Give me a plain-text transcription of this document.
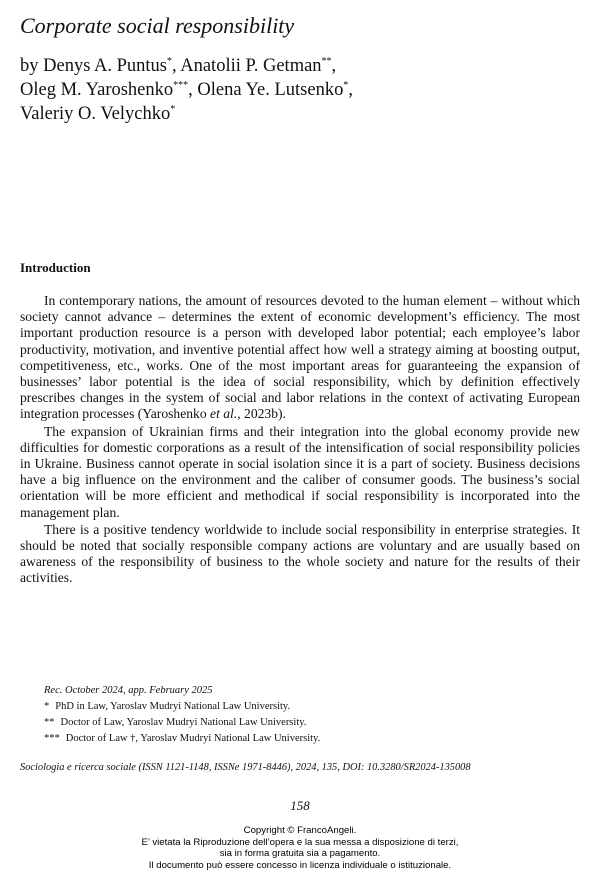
Corporate social responsibility
by Denys A. Puntus*, Anatolii P. Getman**,
Oleg M. Yaroshenko***, Olena Ye. Lutsenko*,
Valeriy O. Velychko*
Introduction

In contemporary nations, the amount of resources devoted to the human element – without which society cannot advance – determines the extent of economic development’s efficiency. The most important production resource is a person with developed labor potential; each employee’s labor productivity, motivation, and inventive potential affect how well a strategy aiming at boosting output, competitiveness, etc., works. One of the most important areas for guaranteeing the expansion of businesses’ labor potential is the idea of social responsibility, which by definition effectively prescribes changes in the system of social and labor relations in the context of activating European integration processes (Yaroshenko et al., 2023b).

The expansion of Ukrainian firms and their integration into the global economy provide new difficulties for domestic corporations as a result of the intensification of social responsibility policies in Ukraine. Business cannot operate in social isolation since it is a part of society. Business decisions have a big influence on the environment and the caliber of consumer goods. The business’s social orientation will be more efficient and methodical if social responsibility is incorporated into the management plan.

There is a positive tendency worldwide to include social responsibility in enterprise strategies. It should be noted that socially responsible company actions are voluntary and are usually based on awareness of the responsibility of business to the whole society and nature for the results of their activities.

Rec. October 2024, app. February 2025
* PhD in Law, Yaroslav Mudryi National Law University.
** Doctor of Law, Yaroslav Mudryi National Law University.
*** Doctor of Law †, Yaroslav Mudryi National Law University.
Sociologia e ricerca sociale (ISSN 1121-1148, ISSNe 1971-8446), 2024, 135, DOI: 10.3280/SR2024-135008
158
Copyright © FrancoAngeli.
E’ vietata la Riproduzione dell’opera e la sua messa a disposizione di terzi,
sia in forma gratuita sia a pagamento.
Il documento può essere concesso in licenza individuale o istituzionale.
